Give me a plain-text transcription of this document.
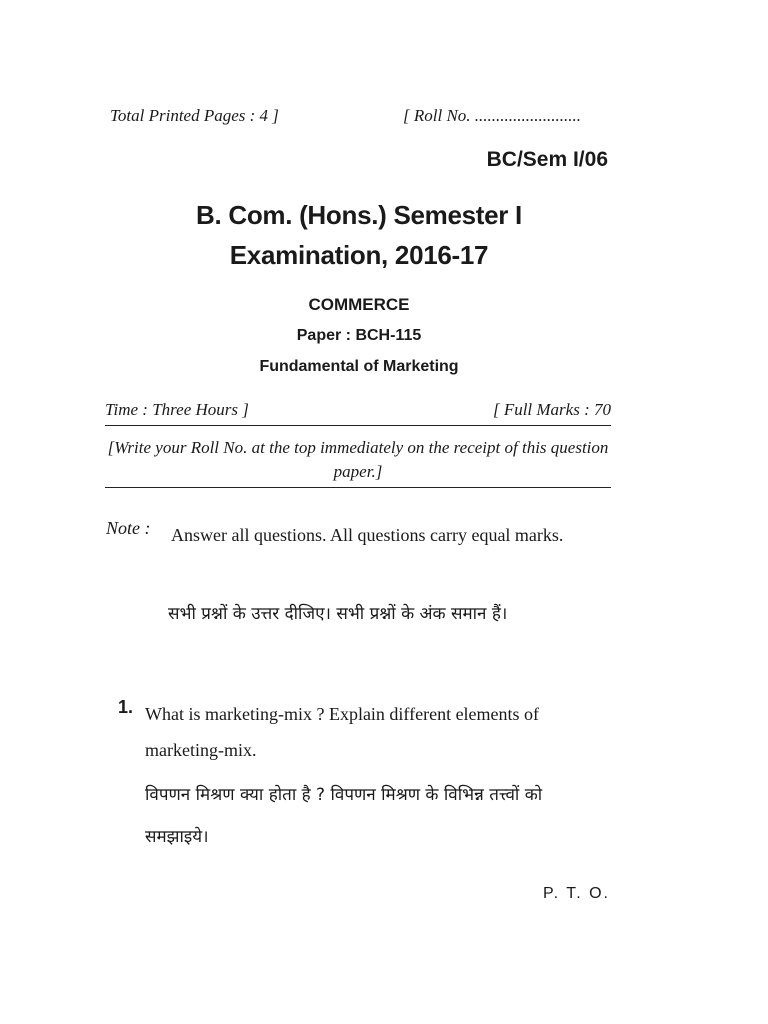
Total Printed Pages : 4 ]	[ Roll No. .........................
BC/Sem I/06
B. Com. (Hons.) Semester I
Examination, 2016-17
COMMERCE
Paper : BCH-115
Fundamental of Marketing
Time : Three Hours ]	[ Full Marks : 70
[Write your Roll No. at the top immediately on the receipt of this question paper.]
Note : Answer all questions. All questions carry equal marks.
सभी प्रश्नों के उत्तर दीजिए। सभी प्रश्नों के अंक समान हैं।
1. What is marketing-mix ? Explain different elements of marketing-mix.
विपणन मिश्रण क्या होता है ? विपणन मिश्रण के विभिन्न तत्त्वों को समझाइये।
P. T. O.
